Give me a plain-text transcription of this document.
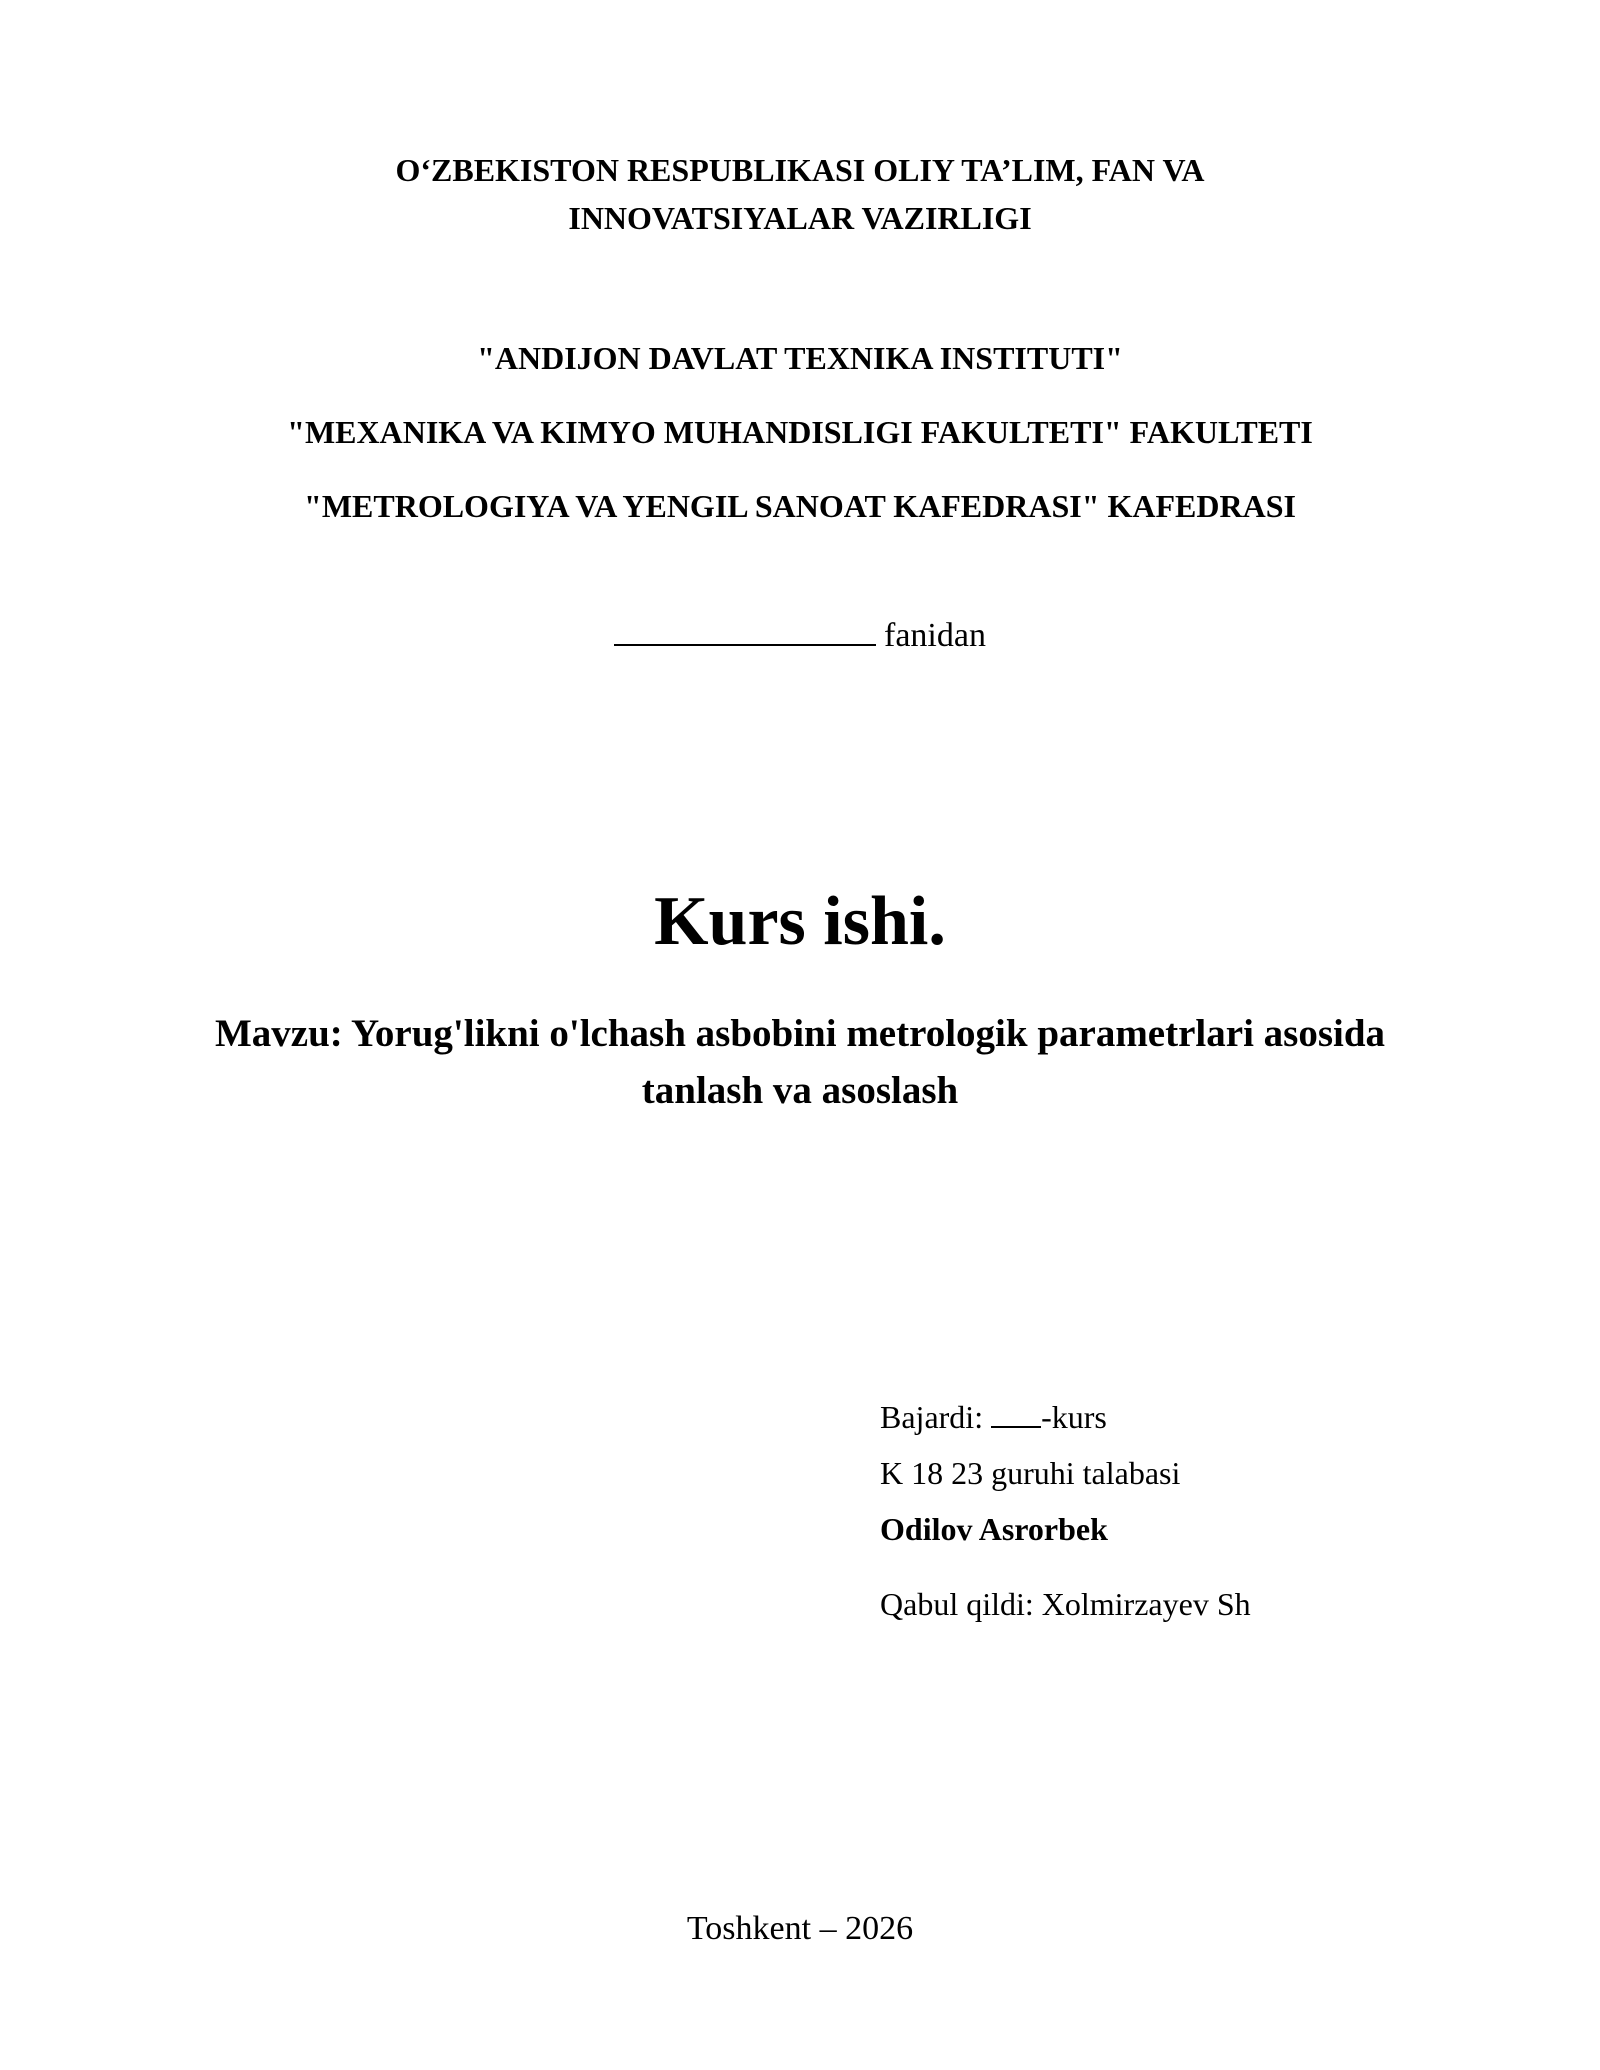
O‘ZBEKISTON RESPUBLIKASI OLIY TA’LIM, FAN VA
INNOVATSIYALAR VAZIRLIGI
"ANDIJON DAVLAT TEXNIKA INSTITUTI"
"MEXANIKA VA KIMYO MUHANDISLIGI FAKULTETI" FAKULTETI
"METROLOGIYA VA YENGIL SANOAT KAFEDRASI" KAFEDRASI
fanidan
Kurs ishi.
Mavzu: Yorug'likni o'lchash asbobini metrologik parametrlari asosida
tanlash va asoslash
Bajardi: -kurs
K 18 23 guruhi talabasi
Odilov Asrorbek
Qabul qildi: Xolmirzayev Sh
Toshkent – 2026
